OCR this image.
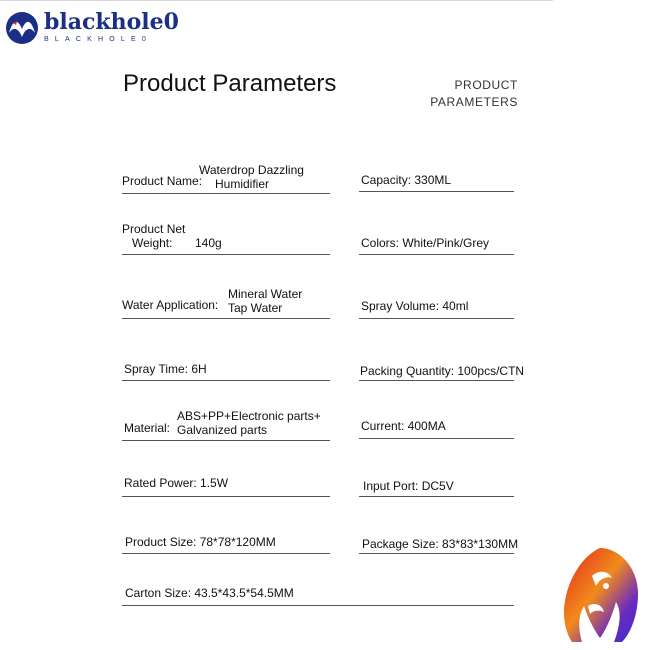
blackhole0
BLACKHOLE0
Product Parameters	PRODUCT
PARAMETERS
Product Name:
Waterdrop Dazzling
Humidifier	Capacity: 330ML
Product Net
Weight: 140g	Colors: White/Pink/Grey
Water Application:
Mineral Water
Tap Water	Spray Volume: 40ml
Spray Time: 6H	Packing Quantity: 100pcs/CTN
Material:
ABS+PP+Electronic parts+
Galvanized parts	Current: 400MA
Rated Power: 1.5W	Input Port: DC5V
Product Size: 78*78*120MM	Package Size: 83*83*130MM
Carton Size: 43.5*43.5*54.5MM
